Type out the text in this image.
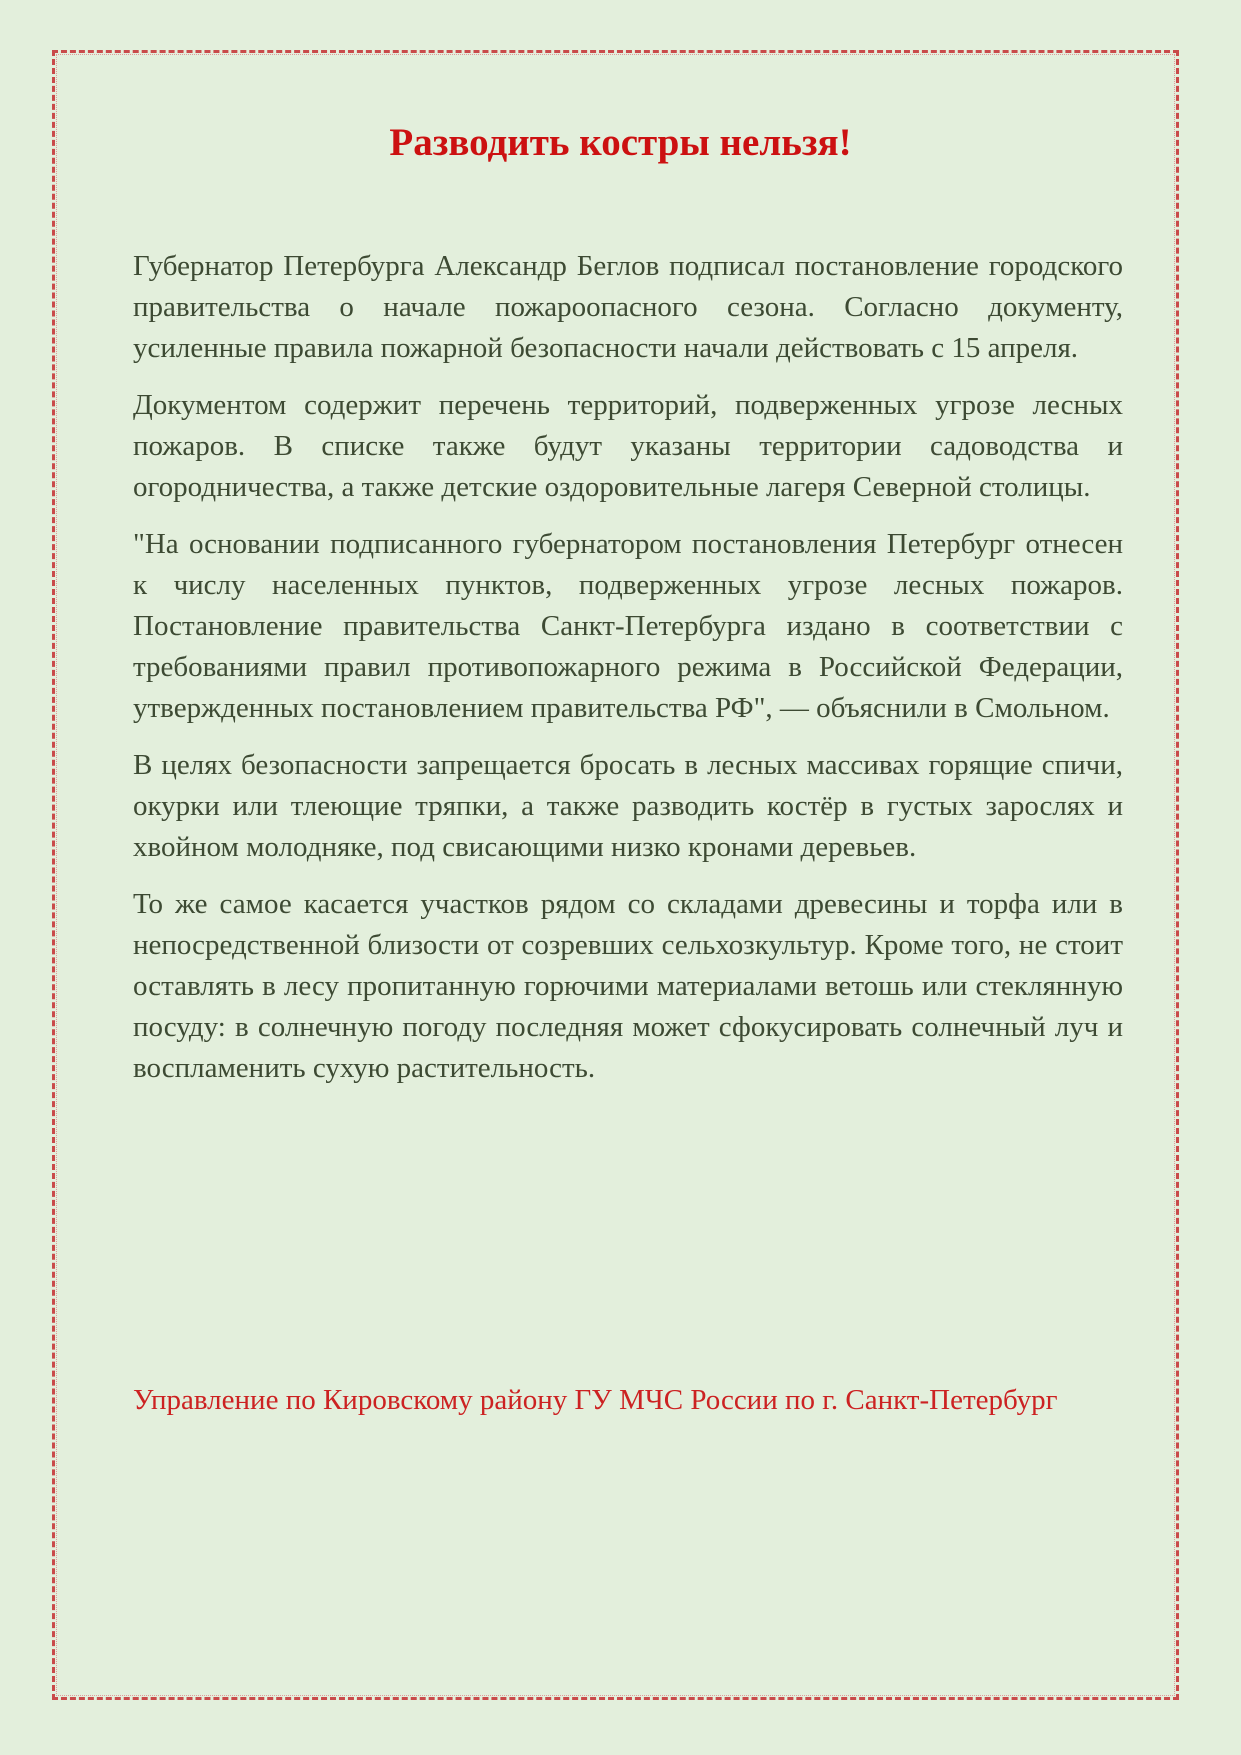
Разводить костры нельзя!

Губернатор Петербурга Александр Беглов подписал постановление городского правительства о начале пожароопасного сезона. Согласно документу, усиленные правила пожарной безопасности начали действовать с 15 апреля.

Документом содержит перечень территорий, подверженных угрозе лесных пожаров. В списке также будут указаны территории садоводства и огородничества, а также детские оздоровительные лагеря Северной столицы.

"На основании подписанного губернатором постановления Петербург отнесен к числу населенных пунктов, подверженных угрозе лесных пожаров. Постановление правительства Санкт-Петербурга издано в соответствии с требованиями правил противопожарного режима в Российской Федерации, утвержденных постановлением правительства РФ", — объяснили в Смольном.

В целях безопасности запрещается бросать в лесных массивах горящие спичи, окурки или тлеющие тряпки, а также разводить костёр в густых зарослях и хвойном молодняке, под свисающими низко кронами деревьев.

То же самое касается участков рядом со складами древесины и торфа или в непосредственной близости от созревших сельхозкультур. Кроме того, не стоит оставлять в лесу пропитанную горючими материалами ветошь или стеклянную посуду: в солнечную погоду последняя может сфокусировать солнечный луч и воспламенить сухую растительность.

Управление по Кировскому району ГУ МЧС России по г. Санкт-Петербург
